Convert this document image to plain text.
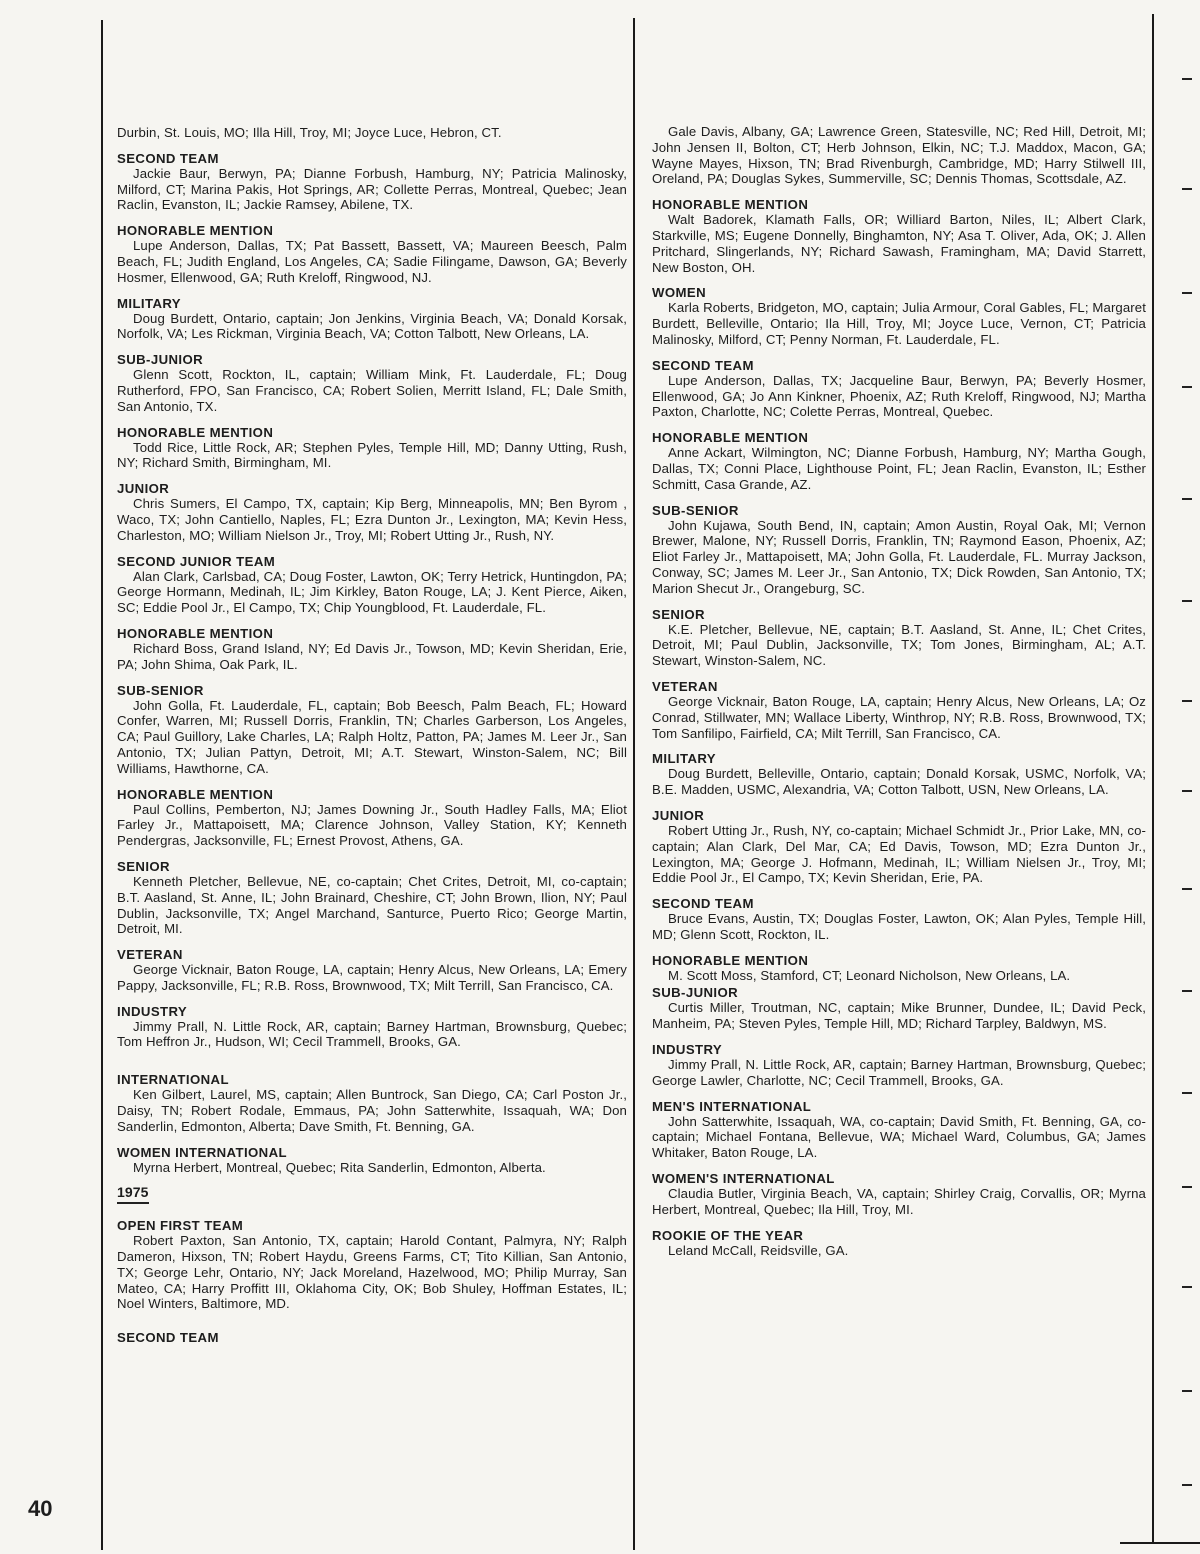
Durbin, St. Louis, MO; Illa Hill, Troy, MI; Joyce Luce, Hebron, CT.

SECOND TEAM

Jackie Baur, Berwyn, PA; Dianne Forbush, Hamburg, NY; Patricia Malinosky, Milford, CT; Marina Pakis, Hot Springs, AR; Collette Perras, Montreal, Quebec; Jean Raclin, Evanston, IL; Jackie Ramsey, Abilene, TX.

HONORABLE MENTION

Lupe Anderson, Dallas, TX; Pat Bassett, Bassett, VA; Maureen Beesch, Palm Beach, FL; Judith England, Los Angeles, CA; Sadie Filingame, Dawson, GA; Beverly Hosmer, Ellenwood, GA; Ruth Kreloff, Ringwood, NJ.

MILITARY

Doug Burdett, Ontario, captain; Jon Jenkins, Virginia Beach, VA; Donald Korsak, Norfolk, VA; Les Rickman, Virginia Beach, VA; Cotton Talbott, New Orleans, LA.

SUB-JUNIOR

Glenn Scott, Rockton, IL, captain; William Mink, Ft. Lauderdale, FL; Doug Rutherford, FPO, San Francisco, CA; Robert Solien, Merritt Island, FL; Dale Smith, San Antonio, TX.

HONORABLE MENTION

Todd Rice, Little Rock, AR; Stephen Pyles, Temple Hill, MD; Danny Utting, Rush, NY; Richard Smith, Birmingham, MI.

JUNIOR

Chris Sumers, El Campo, TX, captain; Kip Berg, Minneapolis, MN; Ben Byrom , Waco, TX; John Cantiello, Naples, FL; Ezra Dunton Jr., Lexington, MA; Kevin Hess, Charleston, MO; William Nielson Jr., Troy, MI; Robert Utting Jr., Rush, NY.

SECOND JUNIOR TEAM

Alan Clark, Carlsbad, CA; Doug Foster, Lawton, OK; Terry Hetrick, Huntingdon, PA; George Hormann, Medinah, IL; Jim Kirkley, Baton Rouge, LA; J. Kent Pierce, Aiken, SC; Eddie Pool Jr., El Campo, TX; Chip Youngblood, Ft. Lauderdale, FL.

HONORABLE MENTION

Richard Boss, Grand Island, NY; Ed Davis Jr., Towson, MD; Kevin Sheridan, Erie, PA; John Shima, Oak Park, IL.

SUB-SENIOR

John Golla, Ft. Lauderdale, FL, captain; Bob Beesch, Palm Beach, FL; Howard Confer, Warren, MI; Russell Dorris, Franklin, TN; Charles Garberson, Los Angeles, CA; Paul Guillory, Lake Charles, LA; Ralph Holtz, Patton, PA; James M. Leer Jr., San Antonio, TX; Julian Pattyn, Detroit, MI; A.T. Stewart, Winston-Salem, NC; Bill Williams, Hawthorne, CA.

HONORABLE MENTION

Paul Collins, Pemberton, NJ; James Downing Jr., South Hadley Falls, MA; Eliot Farley Jr., Mattapoisett, MA; Clarence Johnson, Valley Station, KY; Kenneth Pendergras, Jacksonville, FL; Ernest Provost, Athens, GA.

SENIOR

Kenneth Pletcher, Bellevue, NE, co-captain; Chet Crites, Detroit, MI, co-captain; B.T. Aasland, St. Anne, IL; John Brainard, Cheshire, CT; John Brown, Ilion, NY; Paul Dublin, Jacksonville, TX; Angel Marchand, Santurce, Puerto Rico; George Martin, Detroit, MI.

VETERAN

George Vicknair, Baton Rouge, LA, captain; Henry Alcus, New Orleans, LA; Emery Pappy, Jacksonville, FL; R.B. Ross, Brownwood, TX; Milt Terrill, San Francisco, CA.

INDUSTRY

Jimmy Prall, N. Little Rock, AR, captain; Barney Hartman, Brownsburg, Quebec; Tom Heffron Jr., Hudson, WI; Cecil Trammell, Brooks, GA.

INTERNATIONAL

Ken Gilbert, Laurel, MS, captain; Allen Buntrock, San Diego, CA; Carl Poston Jr., Daisy, TN; Robert Rodale, Emmaus, PA; John Satterwhite, Issaquah, WA; Don Sanderlin, Edmonton, Alberta; Dave Smith, Ft. Benning, GA.

WOMEN INTERNATIONAL

Myrna Herbert, Montreal, Quebec; Rita Sanderlin, Edmonton, Alberta.

1975
OPEN FIRST TEAM

Robert Paxton, San Antonio, TX, captain; Harold Contant, Palmyra, NY; Ralph Dameron, Hixson, TN; Robert Haydu, Greens Farms, CT; Tito Killian, San Antonio, TX; George Lehr, Ontario, NY; Jack Moreland, Hazelwood, MO; Philip Murray, San Mateo, CA; Harry Proffitt III, Oklahoma City, OK; Bob Shuley, Hoffman Estates, IL; Noel Winters, Baltimore, MD.

SECOND TEAM

Gale Davis, Albany, GA; Lawrence Green, Statesville, NC; Red Hill, Detroit, MI; John Jensen II, Bolton, CT; Herb Johnson, Elkin, NC; T.J. Maddox, Macon, GA; Wayne Mayes, Hixson, TN; Brad Rivenburgh, Cambridge, MD; Harry Stilwell III, Oreland, PA; Douglas Sykes, Summerville, SC; Dennis Thomas, Scottsdale, AZ.

HONORABLE MENTION

Walt Badorek, Klamath Falls, OR; Williard Barton, Niles, IL; Albert Clark, Starkville, MS; Eugene Donnelly, Binghamton, NY; Asa T. Oliver, Ada, OK; J. Allen Pritchard, Slingerlands, NY; Richard Sawash, Framingham, MA; David Starrett, New Boston, OH.

WOMEN

Karla Roberts, Bridgeton, MO, captain; Julia Armour, Coral Gables, FL; Margaret Burdett, Belleville, Ontario; Ila Hill, Troy, MI; Joyce Luce, Vernon, CT; Patricia Malinosky, Milford, CT; Penny Norman, Ft. Lauderdale, FL.

SECOND TEAM

Lupe Anderson, Dallas, TX; Jacqueline Baur, Berwyn, PA; Beverly Hosmer, Ellenwood, GA; Jo Ann Kinkner, Phoenix, AZ; Ruth Kreloff, Ringwood, NJ; Martha Paxton, Charlotte, NC; Colette Perras, Montreal, Quebec.

HONORABLE MENTION

Anne Ackart, Wilmington, NC; Dianne Forbush, Hamburg, NY; Martha Gough, Dallas, TX; Conni Place, Lighthouse Point, FL; Jean Raclin, Evanston, IL; Esther Schmitt, Casa Grande, AZ.

SUB-SENIOR

John Kujawa, South Bend, IN, captain; Amon Austin, Royal Oak, MI; Vernon Brewer, Malone, NY; Russell Dorris, Franklin, TN; Raymond Eason, Phoenix, AZ; Eliot Farley Jr., Mattapoisett, MA; John Golla, Ft. Lauderdale, FL. Murray Jackson, Conway, SC; James M. Leer Jr., San Antonio, TX; Dick Rowden, San Antonio, TX; Marion Shecut Jr., Orangeburg, SC.

SENIOR

K.E. Pletcher, Bellevue, NE, captain; B.T. Aasland, St. Anne, IL; Chet Crites, Detroit, MI; Paul Dublin, Jacksonville, TX; Tom Jones, Birmingham, AL; A.T. Stewart, Winston-Salem, NC.

VETERAN

George Vicknair, Baton Rouge, LA, captain; Henry Alcus, New Orleans, LA; Oz Conrad, Stillwater, MN; Wallace Liberty, Winthrop, NY; R.B. Ross, Brownwood, TX; Tom Sanfilipo, Fairfield, CA; Milt Terrill, San Francisco, CA.

MILITARY

Doug Burdett, Belleville, Ontario, captain; Donald Korsak, USMC, Norfolk, VA; B.E. Madden, USMC, Alexandria, VA; Cotton Talbott, USN, New Orleans, LA.

JUNIOR

Robert Utting Jr., Rush, NY, co-captain; Michael Schmidt Jr., Prior Lake, MN, co-captain; Alan Clark, Del Mar, CA; Ed Davis, Towson, MD; Ezra Dunton Jr., Lexington, MA; George J. Hofmann, Medinah, IL; William Nielsen Jr., Troy, MI; Eddie Pool Jr., El Campo, TX; Kevin Sheridan, Erie, PA.

SECOND TEAM

Bruce Evans, Austin, TX; Douglas Foster, Lawton, OK; Alan Pyles, Temple Hill, MD; Glenn Scott, Rockton, IL.

HONORABLE MENTION

M. Scott Moss, Stamford, CT; Leonard Nicholson, New Orleans, LA.

SUB-JUNIOR

Curtis Miller, Troutman, NC, captain; Mike Brunner, Dundee, IL; David Peck, Manheim, PA; Steven Pyles, Temple Hill, MD; Richard Tarpley, Baldwyn, MS.

INDUSTRY

Jimmy Prall, N. Little Rock, AR, captain; Barney Hartman, Brownsburg, Quebec; George Lawler, Charlotte, NC; Cecil Trammell, Brooks, GA.

MEN'S INTERNATIONAL

John Satterwhite, Issaquah, WA, co-captain; David Smith, Ft. Benning, GA, co-captain; Michael Fontana, Bellevue, WA; Michael Ward, Columbus, GA; James Whitaker, Baton Rouge, LA.

WOMEN'S INTERNATIONAL

Claudia Butler, Virginia Beach, VA, captain; Shirley Craig, Corvallis, OR; Myrna Herbert, Montreal, Quebec; Ila Hill, Troy, MI.

ROOKIE OF THE YEAR

Leland McCall, Reidsville, GA.

40
